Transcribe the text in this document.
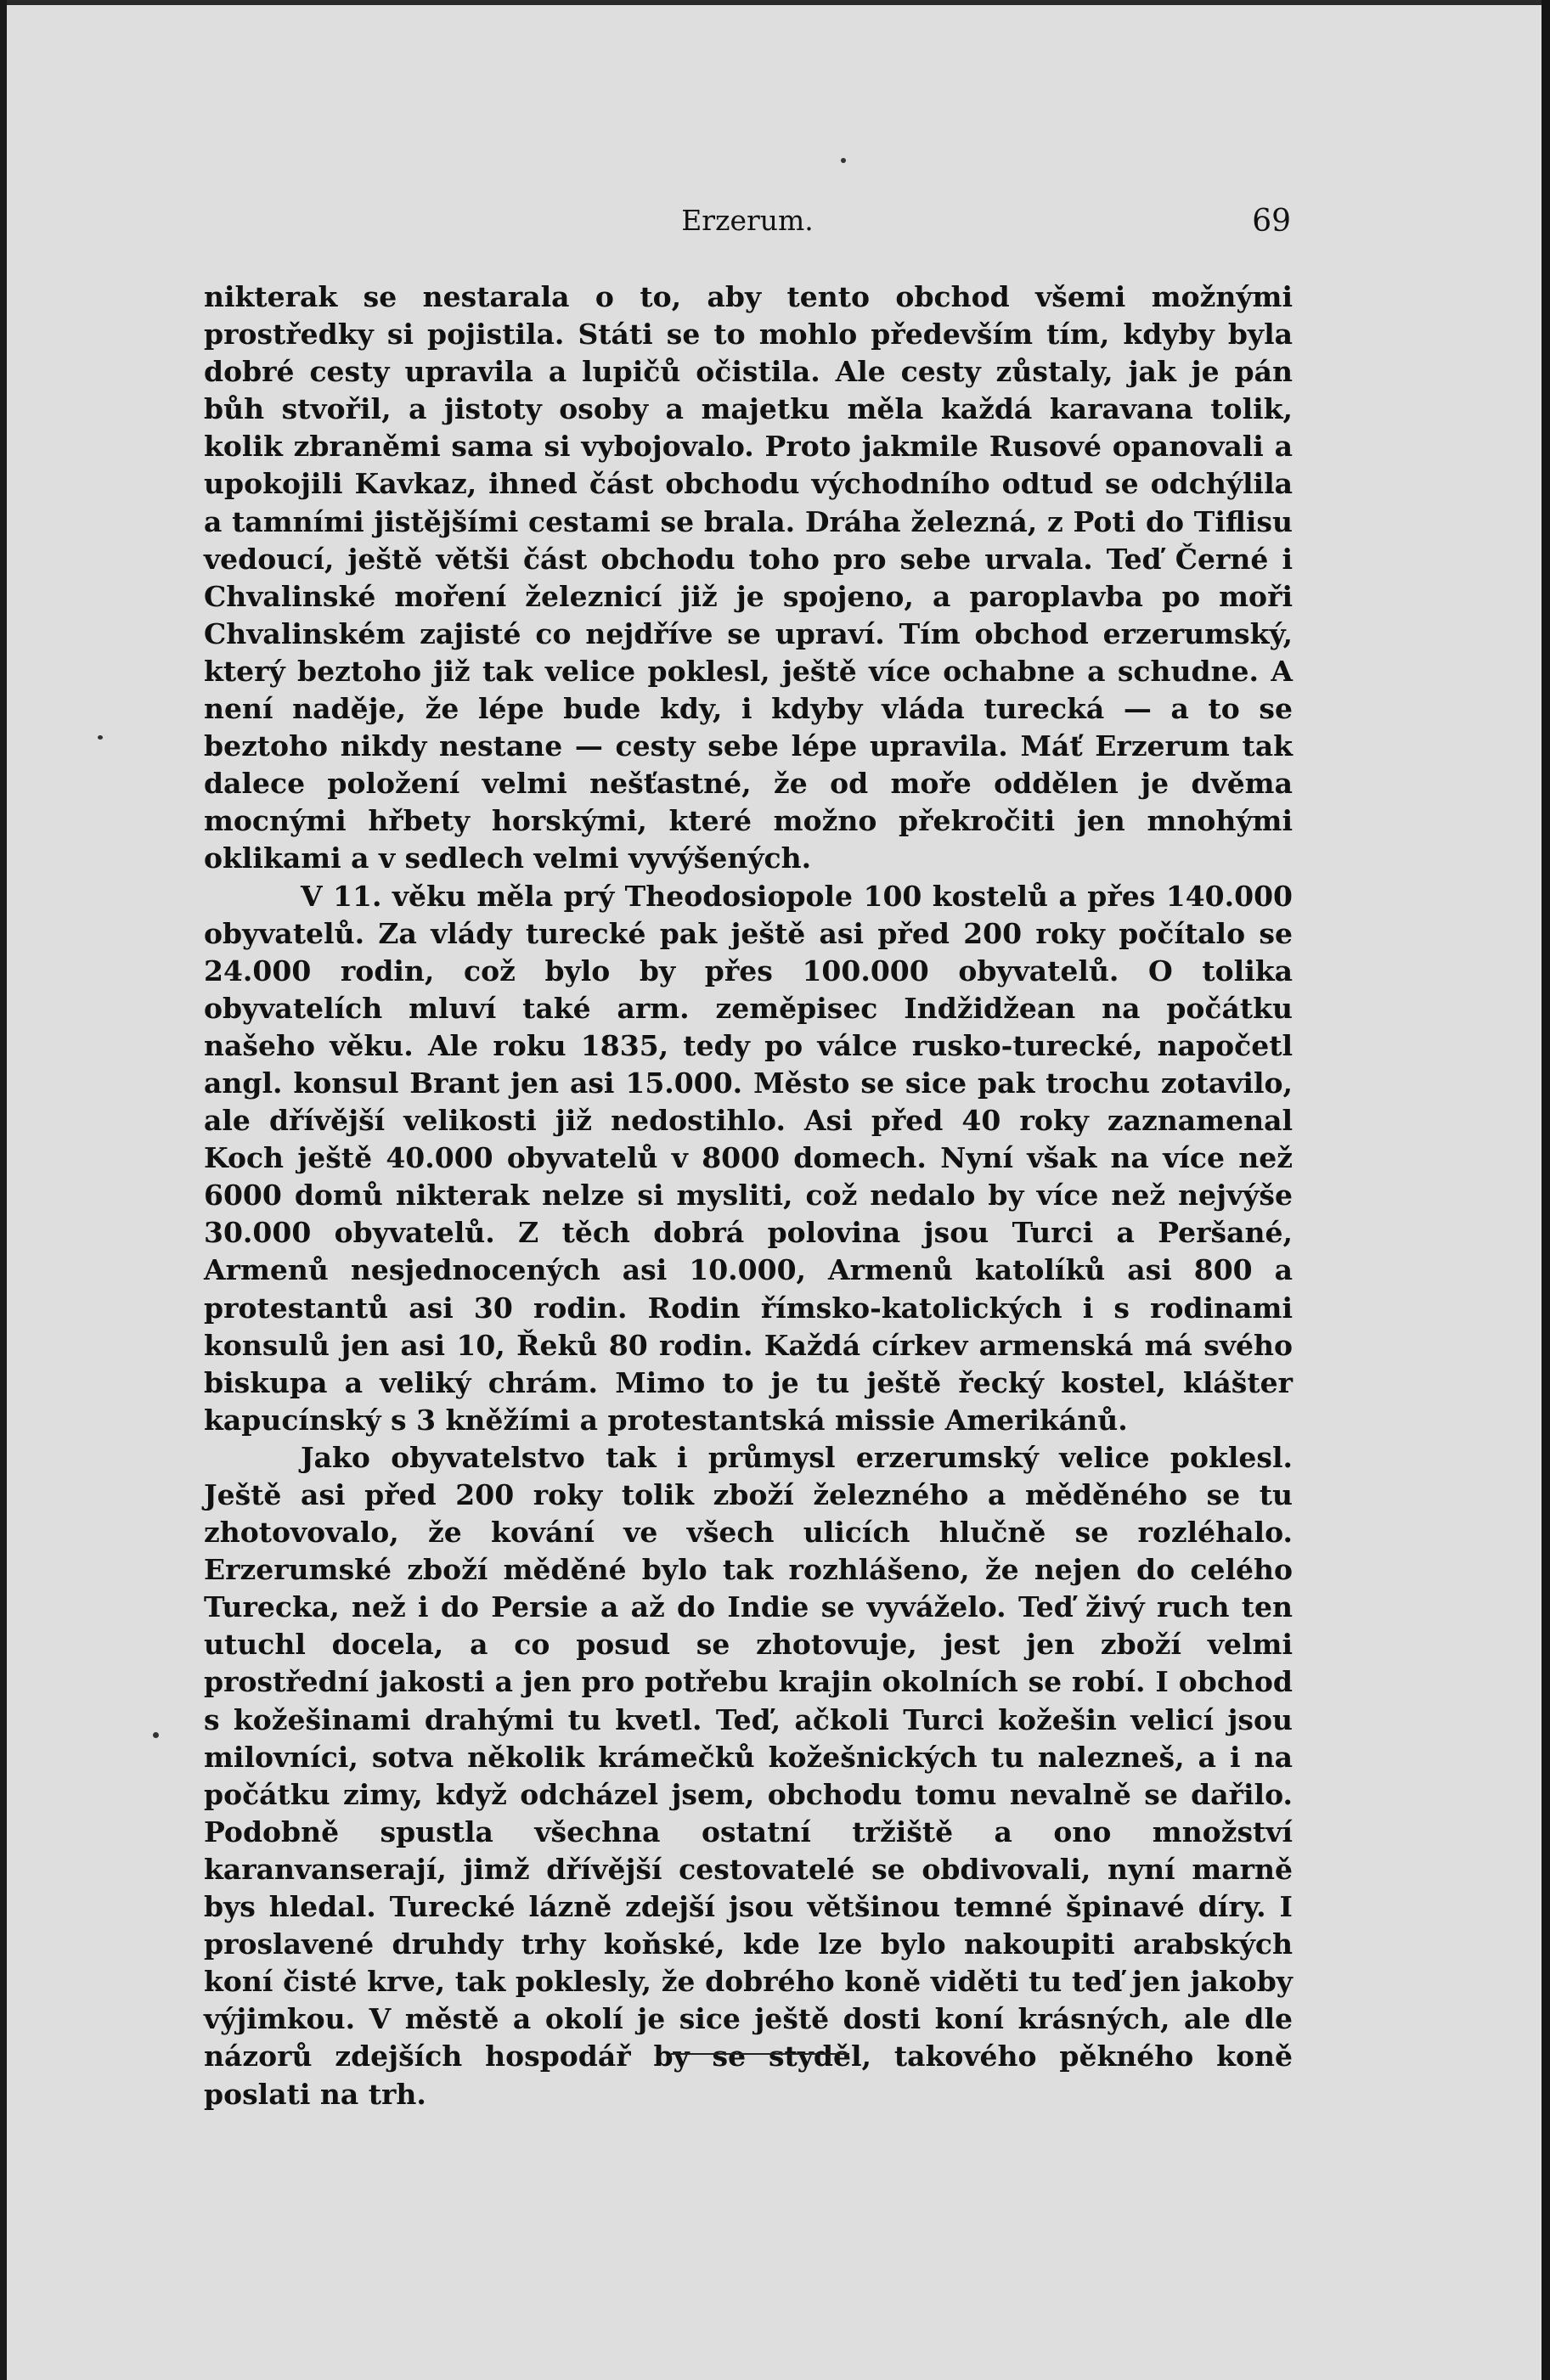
Erzerum.	69

nikterak se nestarala o to, aby tento obchod všemi možnými prostředky si pojistila. Státi se to mohlo především tím, kdyby byla dobré cesty upravila a lupičů očistila. Ale cesty zůstaly, jak je pán bůh stvořil, a jistoty osoby a majetku měla každá karavana tolik, kolik zbraněmi sama si vybojovalo. Proto jakmile Rusové opanovali a upokojili Kavkaz, ihned část obchodu východního odtud se odchýlila a tamními jistějšími cestami se brala. Dráha železná, z Poti do Tiflisu vedoucí, ještě větši část obchodu toho pro sebe urvala. Teď Černé i Chvalinské moření železnicí již je spojeno, a paroplavba po moři Chvalinském zajisté co nejdříve se upraví. Tím obchod erzerumský, který beztoho již tak velice poklesl, ještě více ochabne a schudne. A není naděje, že lépe bude kdy, i kdyby vláda turecká — a to se beztoho nikdy nestane — cesty sebe lépe upravila. Máť Erzerum tak dalece položení velmi nešťastné, že od moře oddělen je dvěma mocnými hřbety horskými, které možno překročiti jen mnohými oklikami a v sedlech velmi vyvýšených.

V 11. věku měla prý Theodosiopole 100 kostelů a přes 140.000 obyvatelů. Za vlády turecké pak ještě asi před 200 roky počítalo se 24.000 rodin, což bylo by přes 100.000 obyvatelů. O tolika obyvatelích mluví také arm. zeměpisec Indžidžean na počátku našeho věku. Ale roku 1835, tedy po válce rusko-turecké, napočetl angl. konsul Brant jen asi 15.000. Město se sice pak trochu zotavilo, ale dřívější velikosti již nedostihlo. Asi před 40 roky zaznamenal Koch ještě 40.000 obyvatelů v 8000 domech. Nyní však na více než 6000 domů nikterak nelze si mysliti, což nedalo by více než nejvýše 30.000 obyvatelů. Z těch dobrá polovina jsou Turci a Peršané, Armenů nesjednocených asi 10.000, Armenů katolíků asi 800 a protestantů asi 30 rodin. Rodin římsko-katolických i s rodinami konsulů jen asi 10, Řeků 80 rodin. Každá církev armenská má svého biskupa a veliký chrám. Mimo to je tu ještě řecký kostel, klášter kapucínský s 3 kněžími a protestantská missie Amerikánů.

Jako obyvatelstvo tak i průmysl erzerumský velice poklesl. Ještě asi před 200 roky tolik zboží železného a měděného se tu zhotovovalo, že kování ve všech ulicích hlučně se rozléhalo. Erzerumské zboží měděné bylo tak rozhlášeno, že nejen do celého Turecka, než i do Persie a až do Indie se vyváželo. Teď živý ruch ten utuchl docela, a co posud se zhotovuje, jest jen zboží velmi prostřední jakosti a jen pro potřebu krajin okolních se robí. I obchod s kožešinami drahými tu kvetl. Teď, ačkoli Turci kožešin velicí jsou milovníci, sotva několik krámečků kožešnických tu nalezneš, a i na počátku zimy, když odcházel jsem, obchodu tomu nevalně se dařilo. Podobně spustla všechna ostatní tržiště a ono množství karanvanserají, jimž dřívější cestovatelé se obdivovali, nyní marně bys hledal. Turecké lázně zdejší jsou většinou temné špinavé díry. I proslavené druhdy trhy koňské, kde lze bylo nakoupiti arabských koní čisté krve, tak poklesly, že dobrého koně viděti tu teď jen jakoby výjimkou. V městě a okolí je sice ještě dosti koní krásných, ale dle názorů zdejších hospodář by se styděl, takového pěkného koně poslati na trh.
